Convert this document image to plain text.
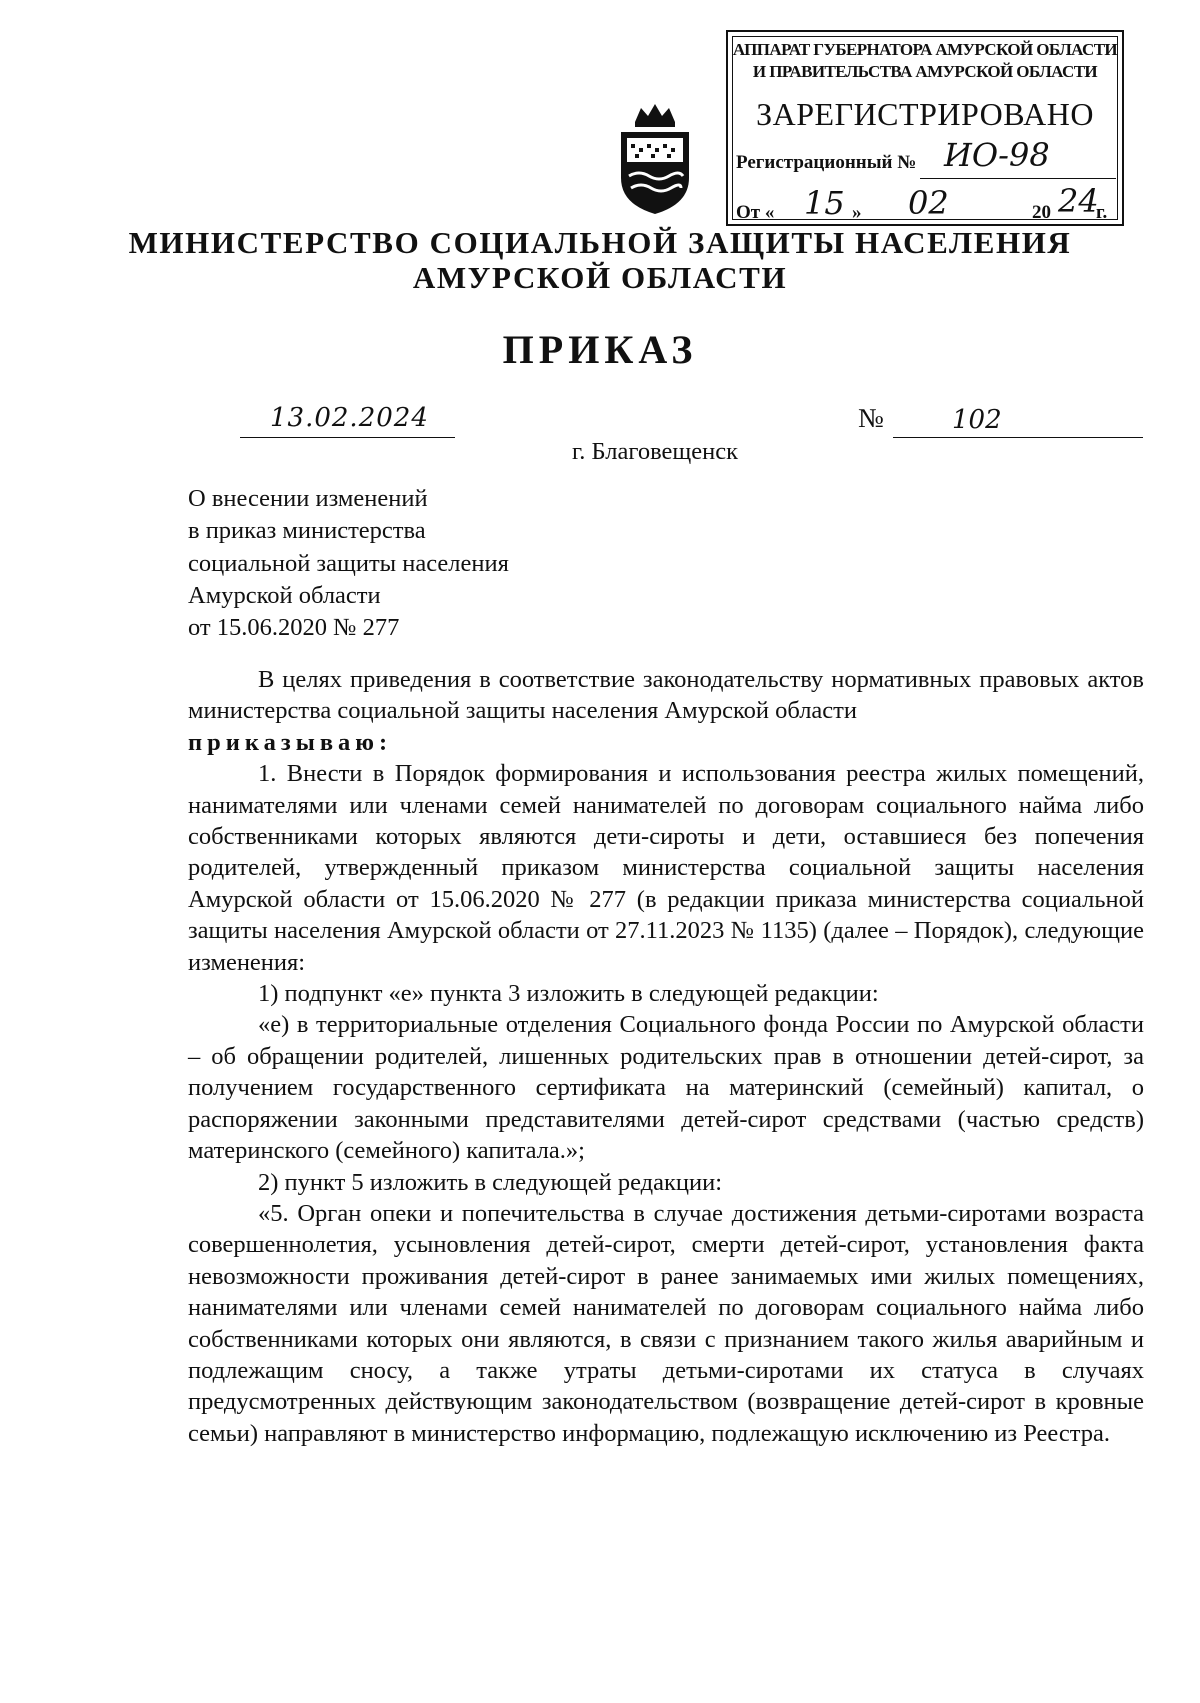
АППАРАТ ГУБЕРНАТОРА АМУРСКОЙ ОБЛАСТИ
И ПРАВИТЕЛЬСТВА АМУРСКОЙ ОБЛАСТИ
ЗАРЕГИСТРИРОВАНО
Регистрационный № ИО-98
От « 15 » 02	20 24
г.
МИНИСТЕРСТВО СОЦИАЛЬНОЙ ЗАЩИТЫ НАСЕЛЕНИЯ
АМУРСКОЙ ОБЛАСТИ
ПРИКАЗ
13.02.2024	№	102
г. Благовещенск
О внесении изменений
в приказ министерства
социальной защиты населения
Амурской области
от 15.06.2020 № 277

В целях приведения в соответствие законодательству нормативных правовых актов министерства социальной защиты населения Амурской области

приказываю:

1. Внести в Порядок формирования и использования реестра жилых помещений, нанимателями или членами семей нанимателей по договорам социального найма либо собственниками которых являются дети-сироты и дети, оставшиеся без попечения родителей, утвержденный приказом министерства социальной защиты населения Амурской области от 15.06.2020 № 277 (в редакции приказа министерства социальной защиты населения Амурской области от 27.11.2023 № 1135) (далее – Порядок), следующие изменения:

1) подпункт «е» пункта 3 изложить в следующей редакции:

«е) в территориальные отделения Социального фонда России по Амурской области – об обращении родителей, лишенных родительских прав в отношении детей-сирот, за получением государственного сертификата на материнский (семейный) капитал, о распоряжении законными представителями детей-сирот средствами (частью средств) материнского (семейного) капитала.»;

2) пункт 5 изложить в следующей редакции:

«5. Орган опеки и попечительства в случае достижения детьми-сиротами возраста совершеннолетия, усыновления детей-сирот, смерти детей-сирот, установления факта невозможности проживания детей-сирот в ранее занимаемых ими жилых помещениях, нанимателями или членами семей нанимателей по договорам социального найма либо собственниками которых они являются, в связи с признанием такого жилья аварийным и подлежащим сносу, а также утраты детьми-сиротами их статуса в случаях предусмотренных действующим законодательством (возвращение детей-сирот в кровные семьи) направляют в министерство информацию, подлежащую исключению из Реестра.
